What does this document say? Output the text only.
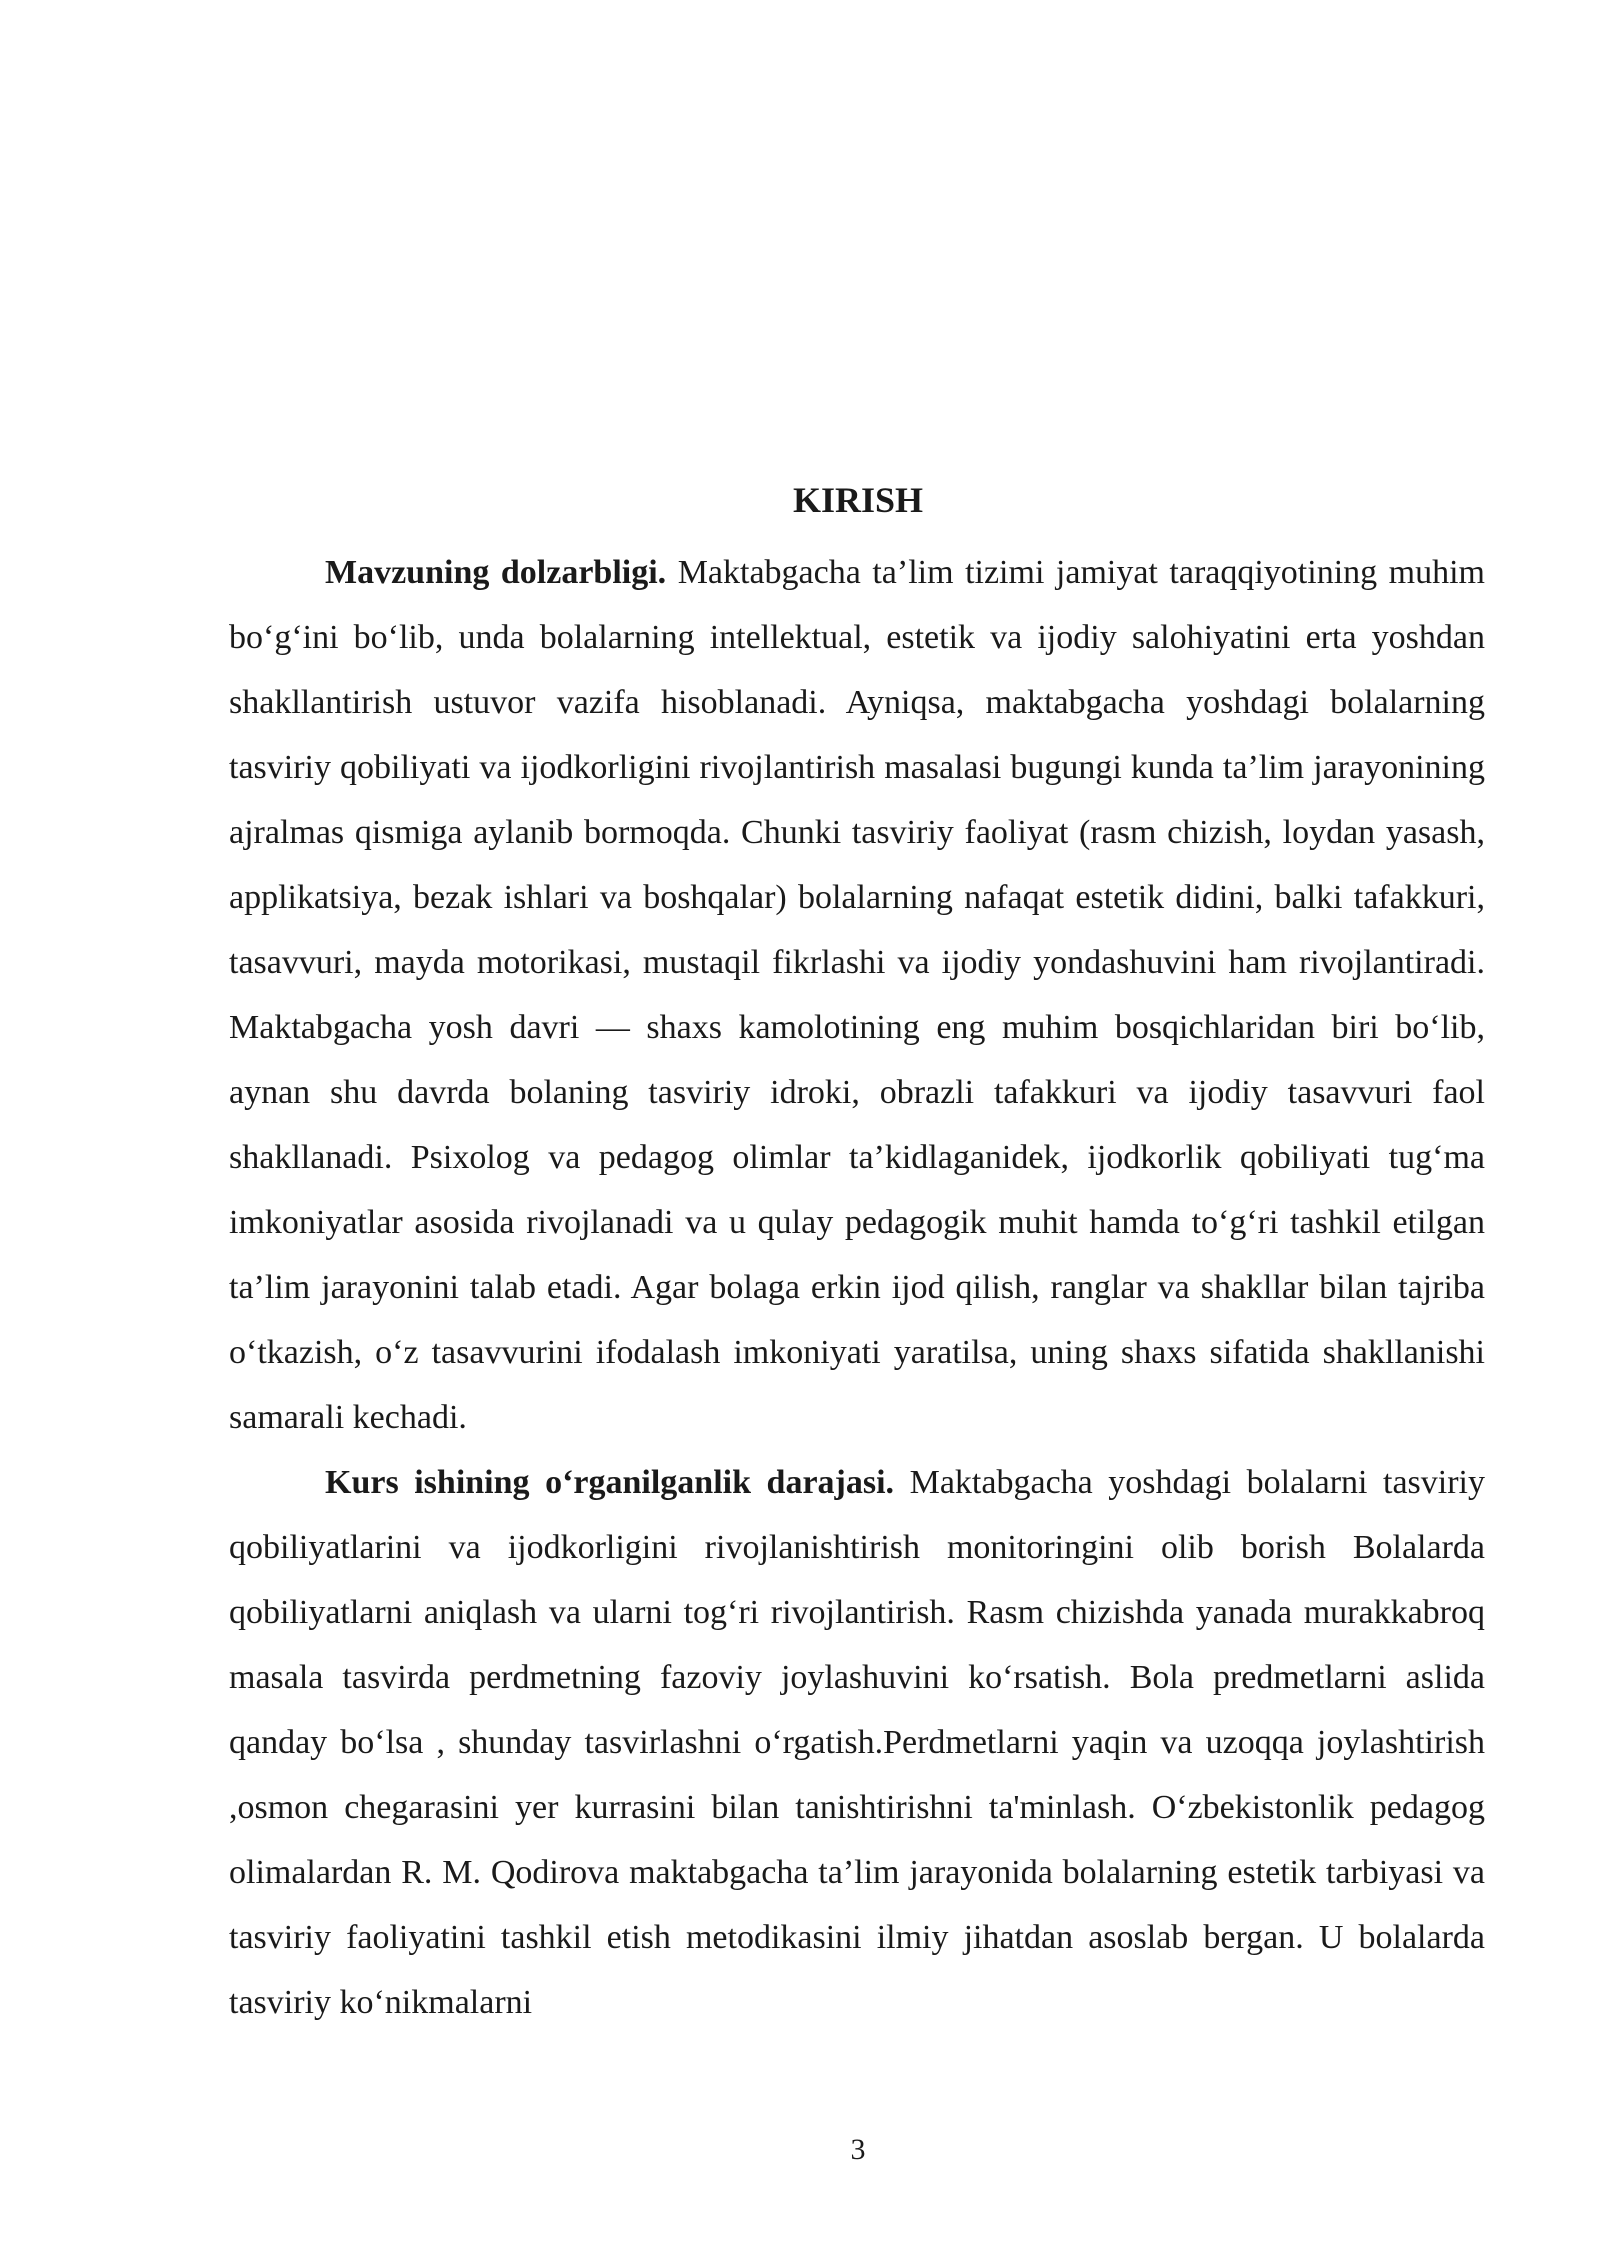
KIRISH

Mavzuning dolzarbligi. Maktabgacha ta’lim tizimi jamiyat taraqqiyotining muhim bo‘g‘ini bo‘lib, unda bolalarning intellektual, estetik va ijodiy salohiyatini erta yoshdan shakllantirish ustuvor vazifa hisoblanadi. Ayniqsa, maktabgacha yoshdagi bolalarning tasviriy qobiliyati va ijodkorligini rivojlantirish masalasi bugungi kunda ta’lim jarayonining ajralmas qismiga aylanib bormoqda. Chunki tasviriy faoliyat (rasm chizish, loydan yasash, applikatsiya, bezak ishlari va boshqalar) bolalarning nafaqat estetik didini, balki tafakkuri, tasavvuri, mayda motorikasi, mustaqil fikrlashi va ijodiy yondashuvini ham rivojlantiradi. Maktabgacha yosh davri — shaxs kamolotining eng muhim bosqichlaridan biri bo‘lib, aynan shu davrda bolaning tasviriy idroki, obrazli tafakkuri va ijodiy tasavvuri faol shakllanadi. Psixolog va pedagog olimlar ta’kidlaganidek, ijodkorlik qobiliyati tug‘ma imkoniyatlar asosida rivojlanadi va u qulay pedagogik muhit hamda to‘g‘ri tashkil etilgan ta’lim jarayonini talab etadi. Agar bolaga erkin ijod qilish, ranglar va shakllar bilan tajriba o‘tkazish, o‘z tasavvurini ifodalash imkoniyati yaratilsa, uning shaxs sifatida shakllanishi samarali kechadi.

Kurs ishining o‘rganilganlik darajasi. Maktabgacha yoshdagi bolalarni tasviriy qobiliyatlarini va ijodkorligini rivojlanishtirish monitoringini olib borish Bolalarda qobiliyatlarni aniqlash va ularni tog‘ri rivojlantirish. Rasm chizishda yanada murakkabroq masala tasvirda perdmetning fazoviy joylashuvini ko‘rsatish. Bola predmetlarni aslida qanday bo‘lsa , shunday tasvirlashni o‘rgatish.Perdmetlarni yaqin va uzoqqa joylashtirish ,osmon chegarasini yer kurrasini bilan tanishtirishni ta'minlash. O‘zbekistonlik pedagog olimalardan R. M. Qodirova maktabgacha ta’lim jarayonida bolalarning estetik tarbiyasi va tasviriy faoliyatini tashkil etish metodikasini ilmiy jihatdan asoslab bergan. U bolalarda tasviriy ko‘nikmalarni

3
